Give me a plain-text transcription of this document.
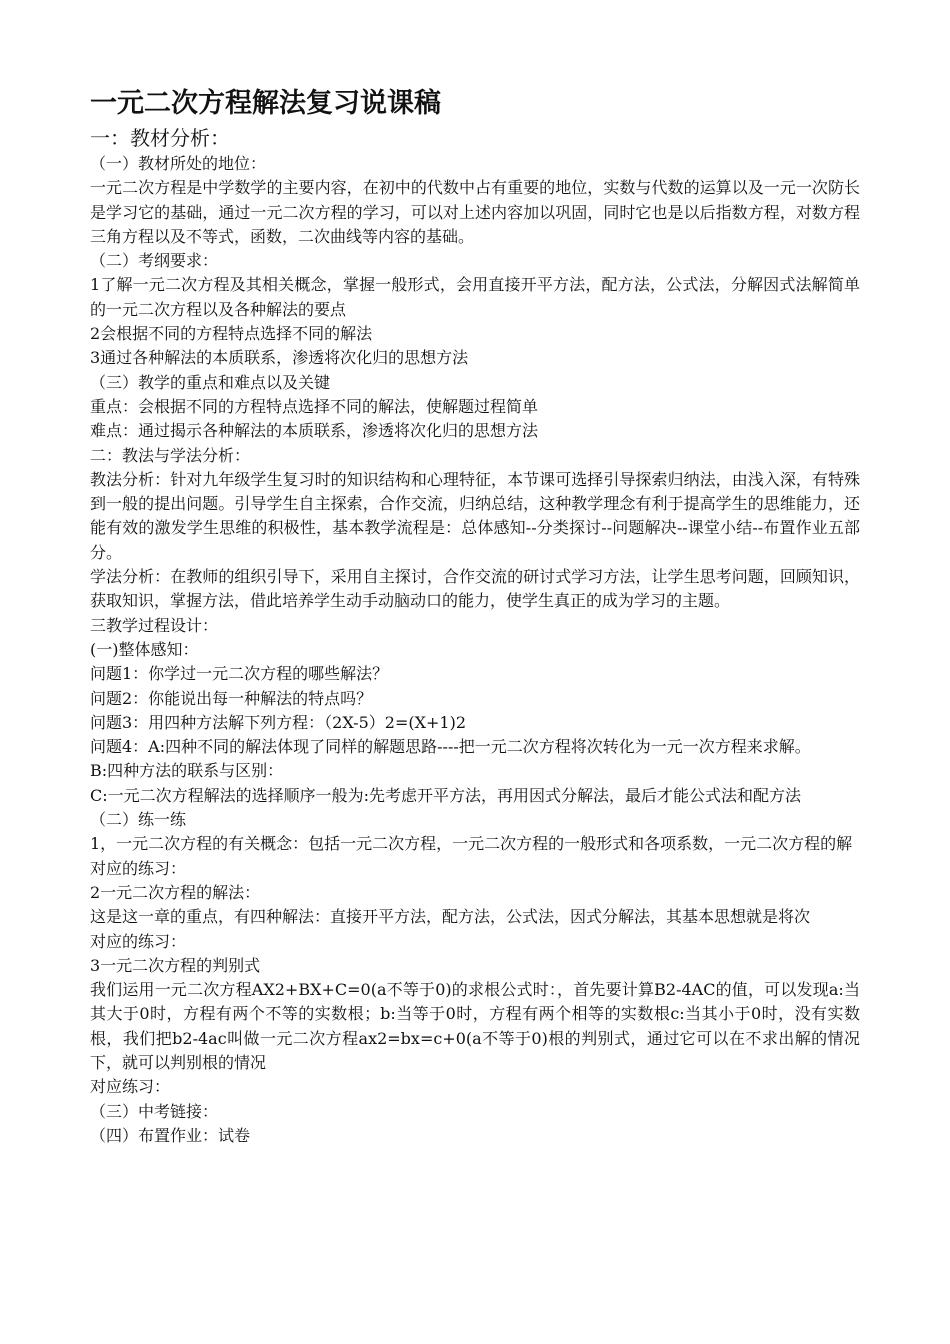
一元二次方程解法复习说课稿

一：教材分析：

（一）教材所处的地位：

一元二次方程是中学数学的主要内容，在初中的代数中占有重要的地位，实数与代数的运算以及一元一次防长是学习它的基础，通过一元二次方程的学习，可以对上述内容加以巩固，同时它也是以后指数方程，对数方程三角方程以及不等式，函数，二次曲线等内容的基础。

（二）考纲要求：

1了解一元二次方程及其相关概念，掌握一般形式，会用直接开平方法，配方法，公式法，分解因式法解简单的一元二次方程以及各种解法的要点

2会根据不同的方程特点选择不同的解法

3通过各种解法的本质联系，渗透将次化归的思想方法

（三）教学的重点和难点以及关键

重点：会根据不同的方程特点选择不同的解法，使解题过程简单

难点：通过揭示各种解法的本质联系，渗透将次化归的思想方法

二：教法与学法分析：

教法分析：针对九年级学生复习时的知识结构和心理特征，本节课可选择引导探索归纳法，由浅入深，有特殊到一般的提出问题。引导学生自主探索，合作交流，归纳总结，这种教学理念有利于提高学生的思维能力，还能有效的激发学生思维的积极性，基本教学流程是：总体感知--分类探讨--问题解决--课堂小结--布置作业五部分。

学法分析：在教师的组织引导下，采用自主探讨，合作交流的研讨式学习方法，让学生思考问题，回顾知识，获取知识，掌握方法，借此培养学生动手动脑动口的能力，使学生真正的成为学习的主题。

三教学过程设计：

(一)整体感知：

问题1：你学过一元二次方程的哪些解法？

问题2：你能说出每一种解法的特点吗？

问题3：用四种方法解下列方程：（2X-5）2=(X+1)2

问题4：A:四种不同的解法体现了同样的解题思路----把一元二次方程将次转化为一元一次方程来求解。

B:四种方法的联系与区别：

C:一元二次方程解法的选择顺序一般为:先考虑开平方法，再用因式分解法，最后才能公式法和配方法

（二）练一练

1，一元二次方程的有关概念：包括一元二次方程，一元二次方程的一般形式和各项系数，一元二次方程的解

对应的练习：

2一元二次方程的解法：

这是这一章的重点，有四种解法：直接开平方法，配方法，公式法，因式分解法，其基本思想就是将次

对应的练习：

3一元二次方程的判别式

我们运用一元二次方程AX2+BX+C=0(a不等于0)的求根公式时：，首先要计算B2-4AC的值，可以发现a:当其大于0时，方程有两个不等的实数根；b:当等于0时，方程有两个相等的实数根c:当其小于0时，没有实数根，我们把b2-4ac叫做一元二次方程ax2=bx=c+0(a不等于0)根的判别式，通过它可以在不求出解的情况下，就可以判别根的情况

对应练习：

（三）中考链接：

（四）布置作业：试卷
